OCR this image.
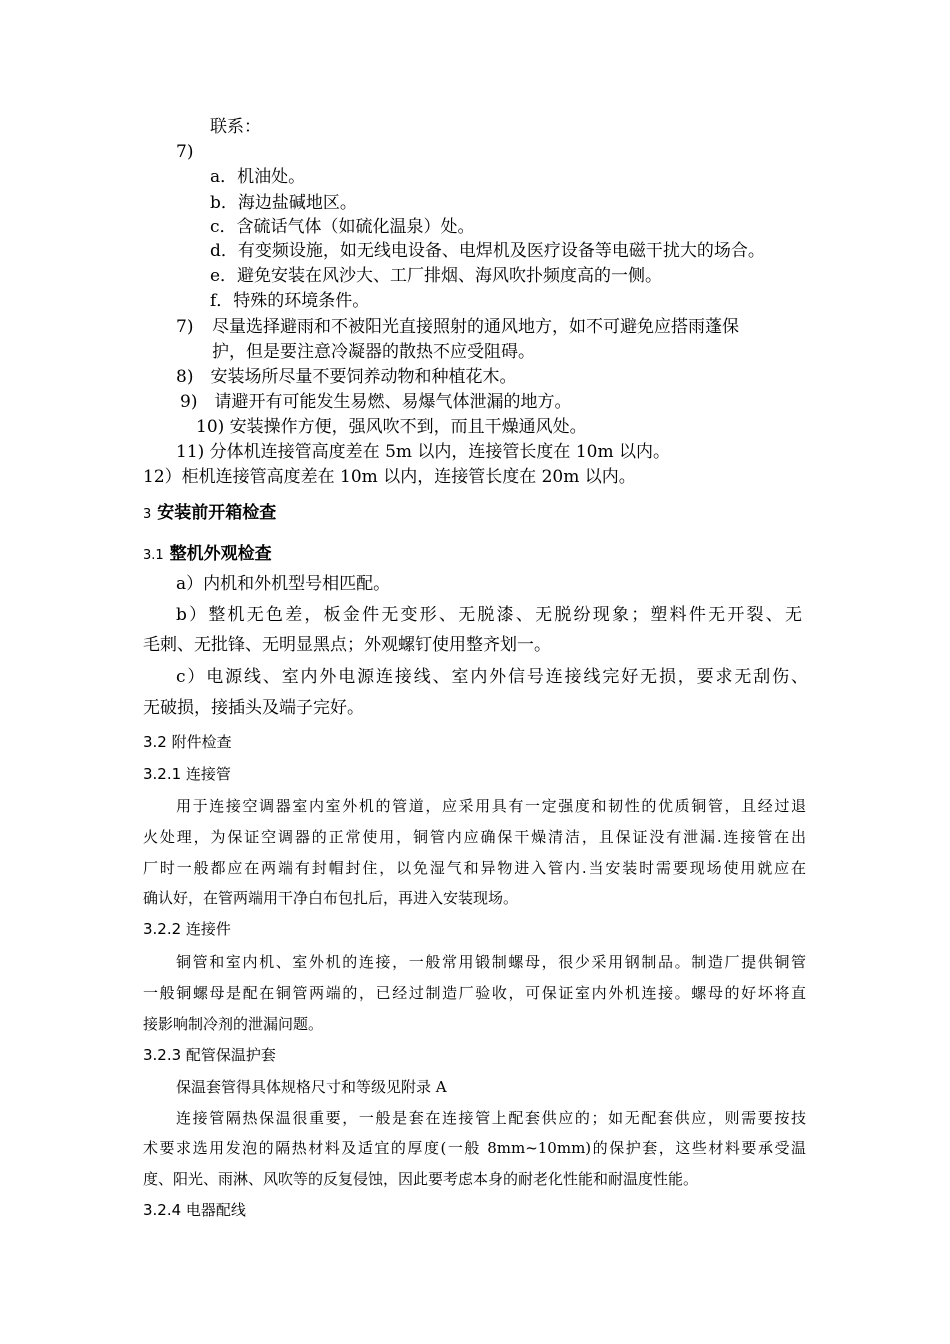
联系：
7)
a．机油处。
b．海边盐碱地区。
c．含硫话气体（如硫化温泉）处。
d．有变频设施，如无线电设备、电焊机及医疗设备等电磁干扰大的场合。
e．避免安装在风沙大、工厂排烟、海风吹扑频度高的一侧。
f．特殊的环境条件。
7) 尽量选择避雨和不被阳光直接照射的通风地方，如不可避免应搭雨蓬保
护，但是要注意冷凝器的散热不应受阻碍。
8)　安装场所尽量不要饲养动物和种植花木。
9)　请避开有可能发生易燃、易爆气体泄漏的地方。
10) 安装操作方便，强风吹不到，而且干燥通风处。
11) 分体机连接管高度差在 5m 以内，连接管长度在 10m 以内。
12）柜机连接管高度差在 10m 以内，连接管长度在 20m 以内。
3 安装前开箱检查
3.1 整机外观检查
a）内机和外机型号相匹配。
b）整机无色差，板金件无变形、无脱漆、无脱纷现象；塑料件无开裂、无
毛刺、无批锋、无明显黑点；外观螺钉使用整齐划一。
c）电源线、室内外电源连接线、室内外信号连接线完好无损，要求无刮伤、
无破损，接插头及端子完好。
3.2 附件检查
3.2.1 连接管
用于连接空调器室内室外机的管道，应采用具有一定强度和韧性的优质铜管，且经过退
火处理，为保证空调器的正常使用，铜管内应确保干燥清洁，且保证没有泄漏.连接管在出
厂时一般都应在两端有封帽封住，以免湿气和异物进入管内.当安装时需要现场使用就应在
确认好，在管两端用干净白布包扎后，再进入安装现场。
3.2.2 连接件
铜管和室内机、室外机的连接，一般常用锻制螺母，很少采用钢制品。制造厂提供铜管
一般铜螺母是配在铜管两端的，已经过制造厂验收，可保证室内外机连接。螺母的好坏将直
接影响制冷剂的泄漏问题。
3.2.3 配管保温护套
保温套管得具体规格尺寸和等级见附录 A
连接管隔热保温很重要，一般是套在连接管上配套供应的；如无配套供应，则需要按技
术要求选用发泡的隔热材料及适宜的厚度(一般 8mm~10mm)的保护套，这些材料要承受温
度、阳光、雨淋、风吹等的反复侵蚀，因此要考虑本身的耐老化性能和耐温度性能。
3.2.4 电器配线
